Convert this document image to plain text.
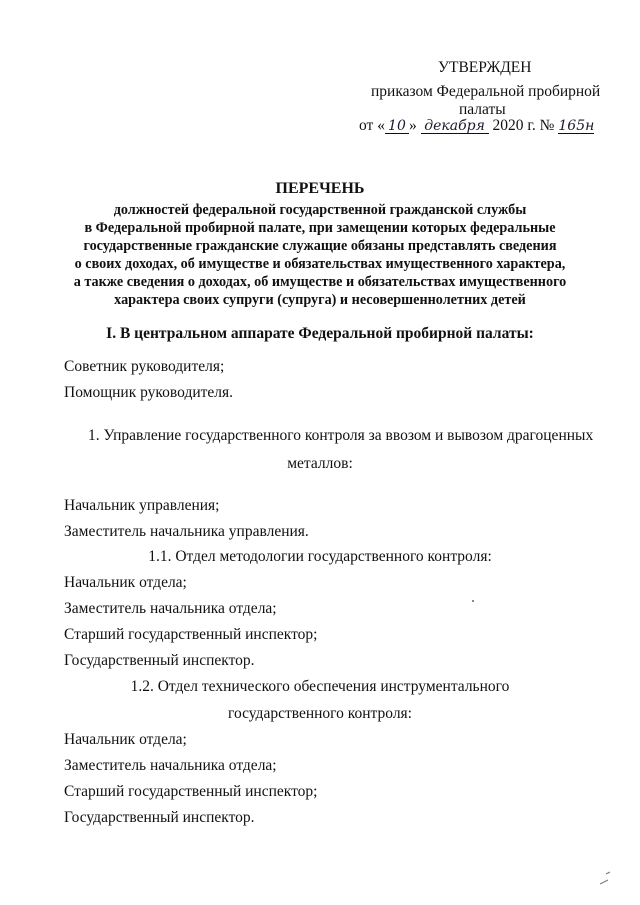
УТВЕРЖДЕН
приказом Федеральной пробирной
палаты
от « 10 » декабря 2020 г. № 165н
ПЕРЕЧЕНЬ
должностей федеральной государственной гражданской службы
в Федеральной пробирной палате, при замещении которых федеральные
государственные гражданские служащие обязаны представлять сведения
о своих доходах, об имуществе и обязательствах имущественного характера,
а также сведения о доходах, об имуществе и обязательствах имущественного
характера своих супруги (супруга) и несовершеннолетних детей
I. В центральном аппарате Федеральной пробирной палаты:
Советник руководителя;
Помощник руководителя.
1. Управление государственного контроля за ввозом и вывозом драгоценных
металлов:
Начальник управления;
Заместитель начальника управления.
1.1. Отдел методологии государственного контроля:
Начальник отдела;
Заместитель начальника отдела;
Старший государственный инспектор;
Государственный инспектор.
1.2. Отдел технического обеспечения инструментального
государственного контроля:
Начальник отдела;
Заместитель начальника отдела;
Старший государственный инспектор;
Государственный инспектор.
